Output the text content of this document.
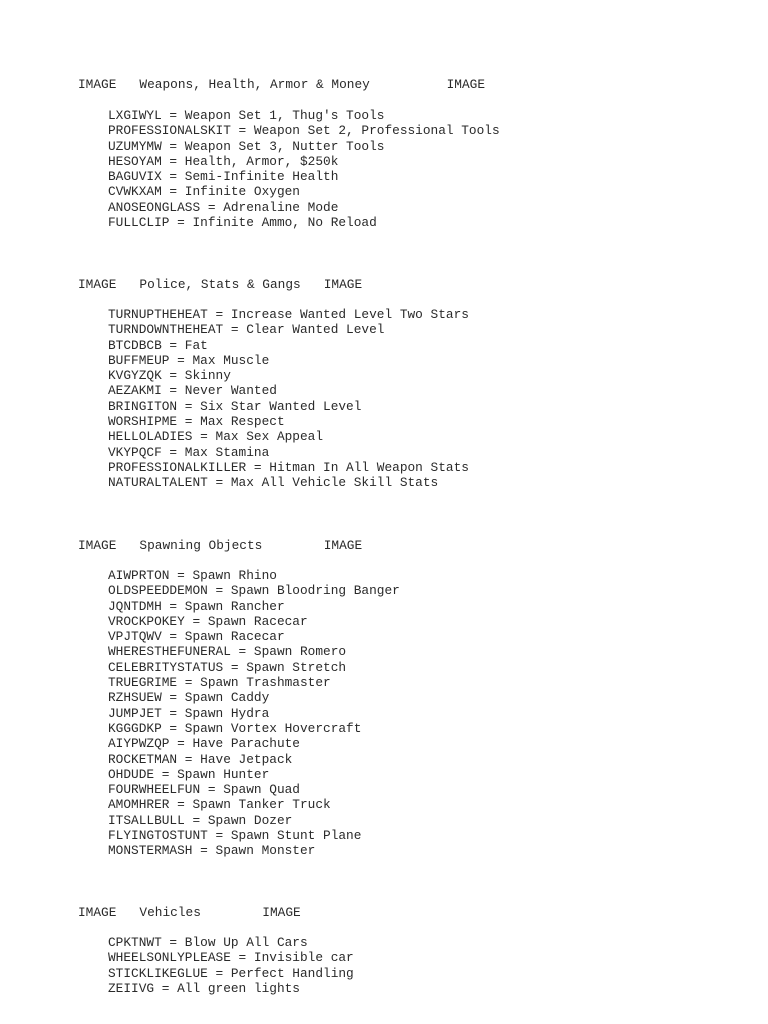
IMAGE   Weapons, Health, Armor & Money          IMAGE
LXGIWYL = Weapon Set 1, Thug's Tools
PROFESSIONALSKIT = Weapon Set 2, Professional Tools
UZUMYMW = Weapon Set 3, Nutter Tools
HESOYAM = Health, Armor, $250k
BAGUVIX = Semi-Infinite Health
CVWKXAM = Infinite Oxygen
ANOSEONGLASS = Adrenaline Mode
FULLCLIP = Infinite Ammo, No Reload
IMAGE   Police, Stats & Gangs   IMAGE
TURNUPTHEHEAT = Increase Wanted Level Two Stars
TURNDOWNTHEHEAT = Clear Wanted Level
BTCDBCB = Fat
BUFFMEUP = Max Muscle
KVGYZQK = Skinny
AEZAKMI = Never Wanted
BRINGITON = Six Star Wanted Level
WORSHIPME = Max Respect
HELLOLADIES = Max Sex Appeal
VKYPQCF = Max Stamina
PROFESSIONALKILLER = Hitman In All Weapon Stats
NATURALTALENT = Max All Vehicle Skill Stats
IMAGE   Spawning Objects        IMAGE
AIWPRTON = Spawn Rhino
OLDSPEEDDEMON = Spawn Bloodring Banger
JQNTDMH = Spawn Rancher
VROCKPOKEY = Spawn Racecar
VPJTQWV = Spawn Racecar
WHERESTHEFUNERAL = Spawn Romero
CELEBRITYSTATUS = Spawn Stretch
TRUEGRIME = Spawn Trashmaster
RZHSUEW = Spawn Caddy
JUMPJET = Spawn Hydra
KGGGDKP = Spawn Vortex Hovercraft
AIYPWZQP = Have Parachute
ROCKETMAN = Have Jetpack
OHDUDE = Spawn Hunter
FOURWHEELFUN = Spawn Quad
AMOMHRER = Spawn Tanker Truck
ITSALLBULL = Spawn Dozer
FLYINGTOSTUNT = Spawn Stunt Plane
MONSTERMASH = Spawn Monster
IMAGE   Vehicles        IMAGE
CPKTNWT = Blow Up All Cars
WHEELSONLYPLEASE = Invisible car
STICKLIKEGLUE = Perfect Handling
ZEIIVG = All green lights
